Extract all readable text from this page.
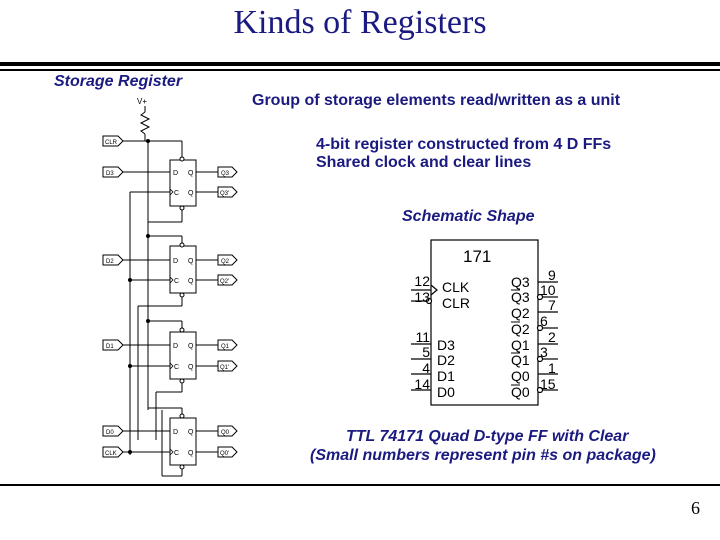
Kinds of Registers
Storage Register
Group of storage elements read/written as a unit
4-bit register constructed from 4 D FFs
Shared clock and clear lines
Schematic Shape
TTL 74171 Quad D-type FF with Clear
(Small numbers represent pin #s on package)
V+
D Q
C Q
D Q
C Q
D Q
C Q
D Q
C Q
CLR
D3
D2
D1
D0
CLK
Q3
Q3'
Q2
Q2'
Q1
Q1'
Q0
Q0'
171
CLK
CLR
D3
D2
D1
D0
Q3
Q3
Q2
Q2
Q1
Q1
Q0
Q0
12
13
11
5
4
14
9
10
7
6
2
3
1
15
6
